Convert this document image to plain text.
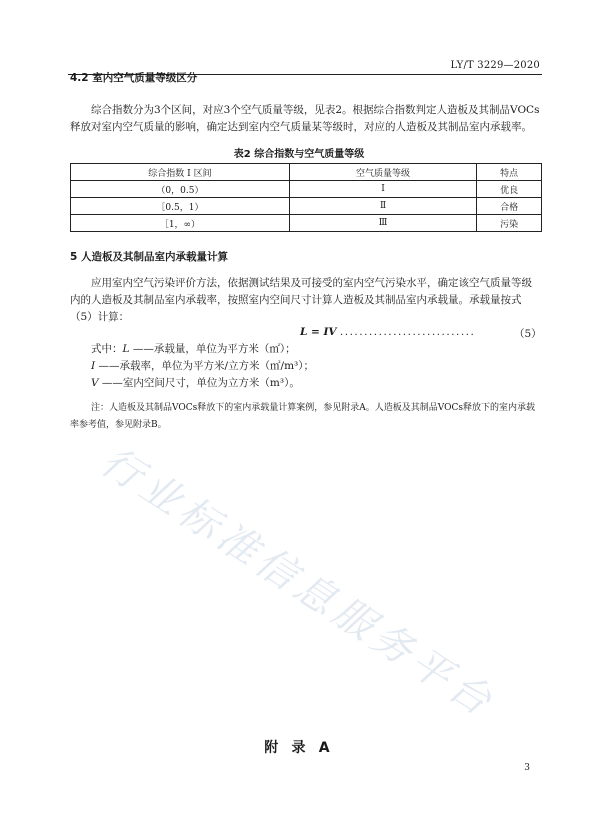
LY/T 3229—2020
4.2 室内空气质量等级区分
综合指数分为3个区间，对应3个空气质量等级，见表2。根据综合指数判定人造板及其制品VOCs释放对室内空气质量的影响，确定达到室内空气质量某等级时，对应的人造板及其制品室内承载率。
表2 综合指数与空气质量等级
综合指数 I 区间	空气质量等级	特点
（0，0.5）	Ⅰ	优良
［0.5，1）	Ⅱ	合格
［1，∞）	Ⅲ	污染
5 人造板及其制品室内承载量计算
应用室内空气污染评价方法，依据测试结果及可接受的室内空气污染水平，确定该空气质量等级内的人造板及其制品室内承载率，按照室内空间尺寸计算人造板及其制品室内承载量。承载量按式（5）计算：
L = IV ............................	（5）
式中：L ——承载量，单位为平方米（㎡）；
I ——承载率，单位为平方米/立方米（㎡/m³）；
V ——室内空间尺寸，单位为立方米（m³）。
注：人造板及其制品VOCs释放下的室内承载量计算案例，参见附录A。人造板及其制品VOCs释放下的室内承载率参考值，参见附录B。
行业标准信息服务平台
附 录 A
3
